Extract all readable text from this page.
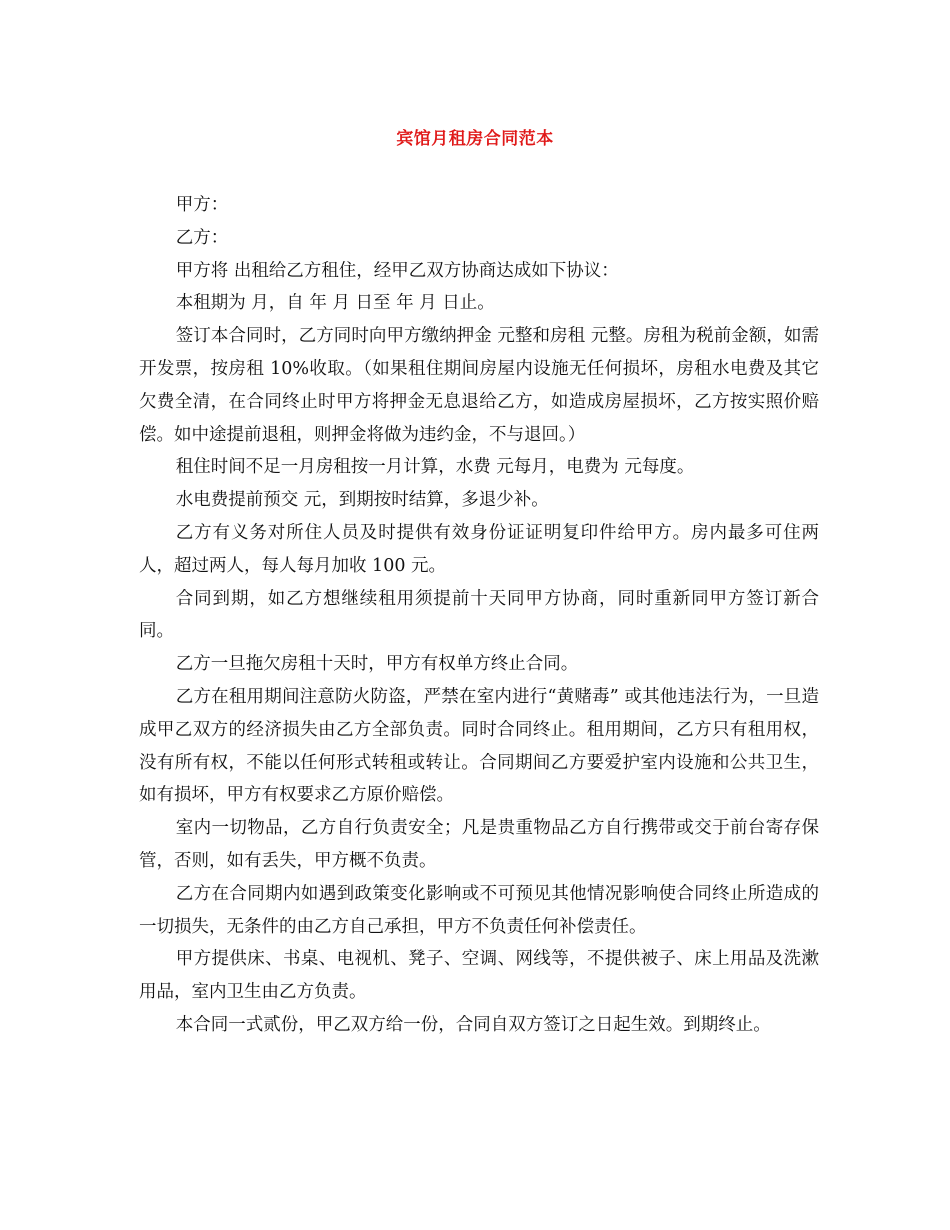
宾馆月租房合同范本

甲方：

乙方：

甲方将 出租给乙方租住，经甲乙双方协商达成如下协议：

本租期为 月，自 年 月 日至 年 月 日止。

签订本合同时，乙方同时向甲方缴纳押金 元整和房租 元整。房租为税前金额，如需开发票，按房租 10%收取。（如果租住期间房屋内设施无任何损坏，房租水电费及其它欠费全清，在合同终止时甲方将押金无息退给乙方，如造成房屋损坏，乙方按实照价赔偿。如中途提前退租，则押金将做为违约金，不与退回。）

租住时间不足一月房租按一月计算，水费 元每月，电费为 元每度。

水电费提前预交 元，到期按时结算，多退少补。

乙方有义务对所住人员及时提供有效身份证证明复印件给甲方。房内最多可住两人，超过两人，每人每月加收 100 元。

合同到期，如乙方想继续租用须提前十天同甲方协商，同时重新同甲方签订新合同。

乙方一旦拖欠房租十天时，甲方有权单方终止合同。

乙方在租用期间注意防火防盗，严禁在室内进行“黄赌毒” 或其他违法行为，一旦造成甲乙双方的经济损失由乙方全部负责。同时合同终止。租用期间，乙方只有租用权，没有所有权，不能以任何形式转租或转让。合同期间乙方要爱护室内设施和公共卫生，如有损坏，甲方有权要求乙方原价赔偿。

室内一切物品，乙方自行负责安全；凡是贵重物品乙方自行携带或交于前台寄存保管，否则，如有丢失，甲方概不负责。

乙方在合同期内如遇到政策变化影响或不可预见其他情况影响使合同终止所造成的一切损失，无条件的由乙方自己承担，甲方不负责任何补偿责任。

甲方提供床、书桌、电视机、凳子、空调、网线等，不提供被子、床上用品及洗漱用品，室内卫生由乙方负责。

本合同一式贰份，甲乙双方给一份，合同自双方签订之日起生效。到期终止。
